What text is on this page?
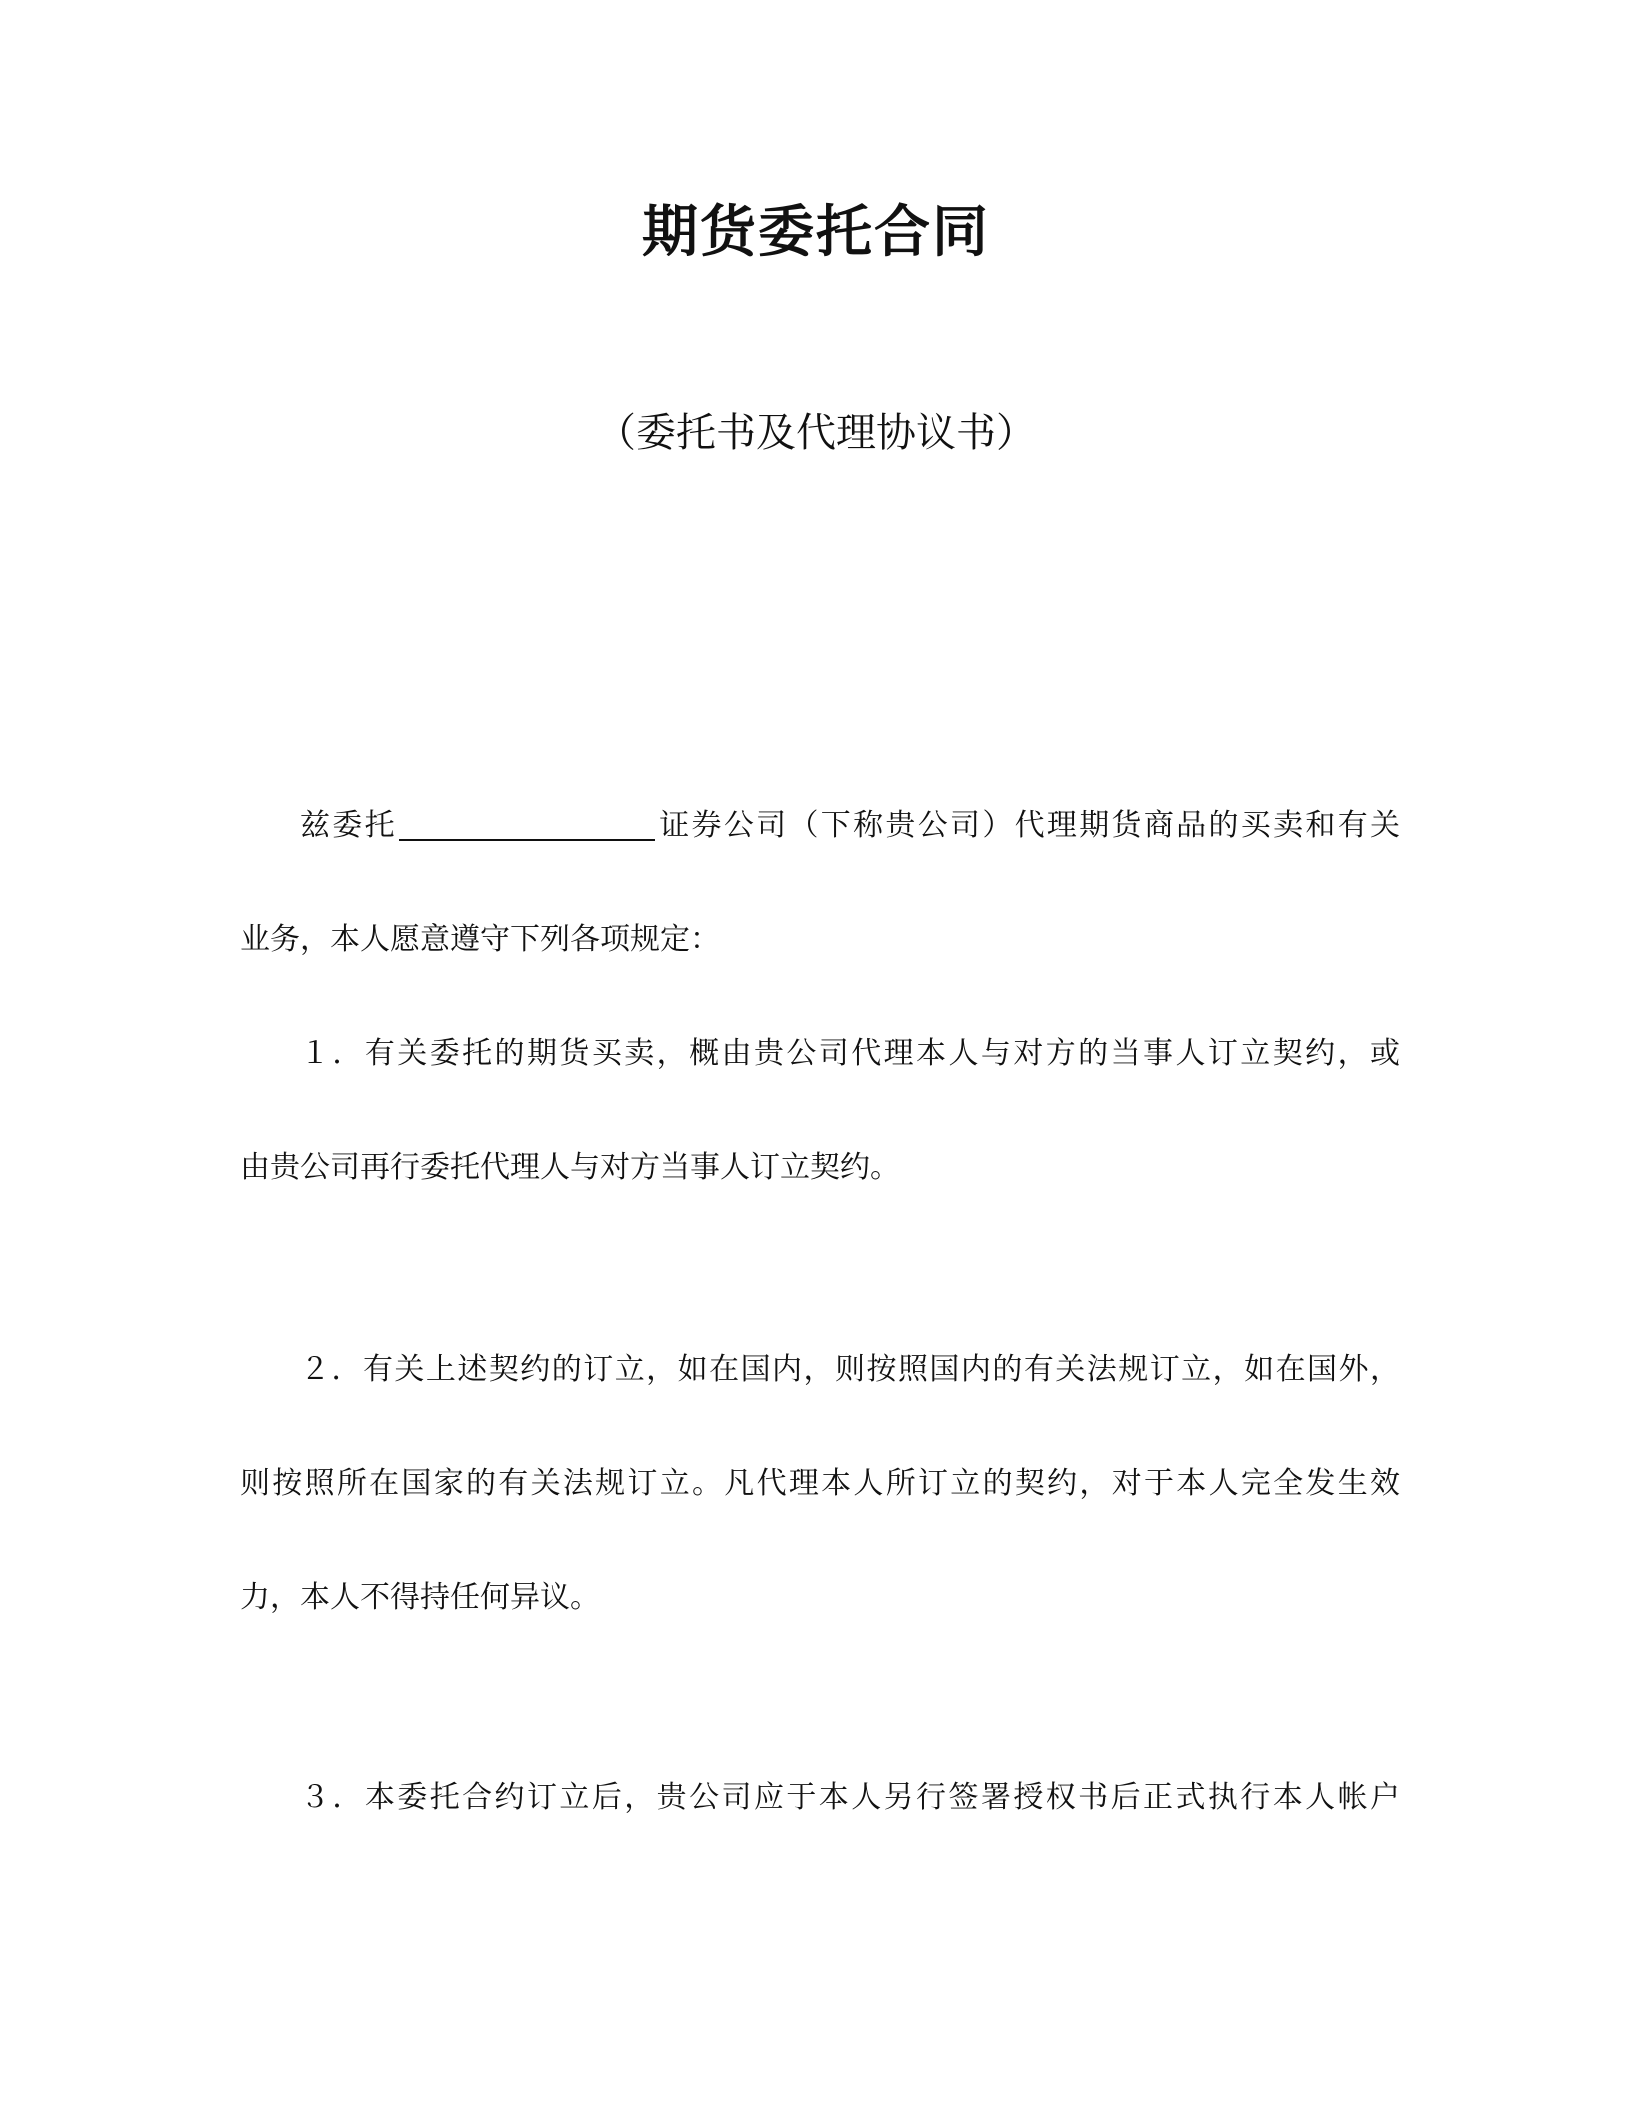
期货委托合同
（委托书及代理协议书）
兹委托	证券公司（下称贵公司）代理期货商品的买卖和有关
业务，本人愿意遵守下列各项规定：
１．有关委托的期货买卖，概由贵公司代理本人与对方的当事人订立契约，或
由贵公司再行委托代理人与对方当事人订立契约。
２．有关上述契约的订立，如在国内，则按照国内的有关法规订立，如在国外，
则按照所在国家的有关法规订立。凡代理本人所订立的契约，对于本人完全发生效
力，本人不得持任何异议。
３．本委托合约订立后，贵公司应于本人另行签署授权书后正式执行本人帐户
